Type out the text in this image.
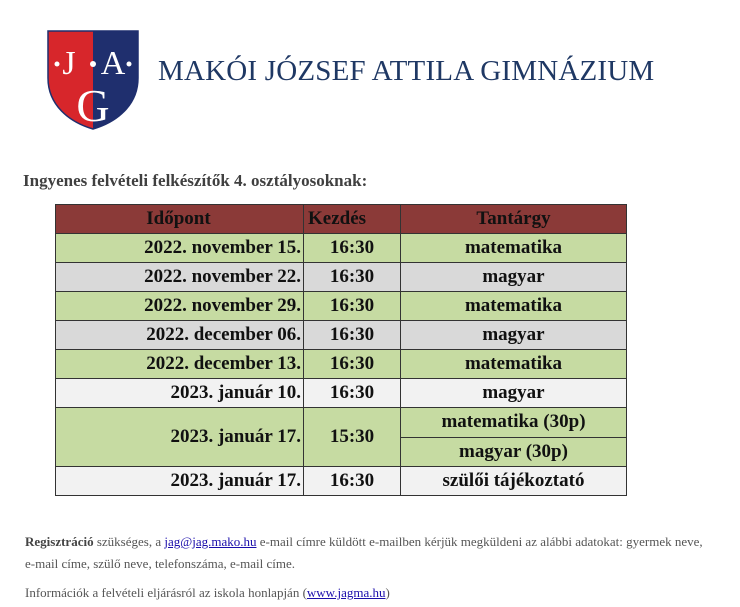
J A
G
MAKÓI JÓZSEF ATTILA GIMNÁZIUM
Ingyenes felvételi felkészítők 4. osztályosoknak:
Időpont	Kezdés	Tantárgy
2022. november 15.	16:30	matematika
2022. november 22.	16:30	magyar
2022. november 29.	16:30	matematika
2022. december 06.	16:30	magyar
2022. december 13.	16:30	matematika
2023. január 10.	16:30	magyar
2023. január 17.	15:30	matematika (30p)
		magyar (30p)
2023. január 17.	16:30	szülői tájékoztató
Regisztráció szükséges, a jag@jag.mako.hu e-mail címre küldött e-mailben kérjük megküldeni az alábbi adatokat: gyermek neve, e-mail címe, szülő neve, telefonszáma, e-mail címe.
Információk a felvételi eljárásról az iskola honlapján (www.jagma.hu)
